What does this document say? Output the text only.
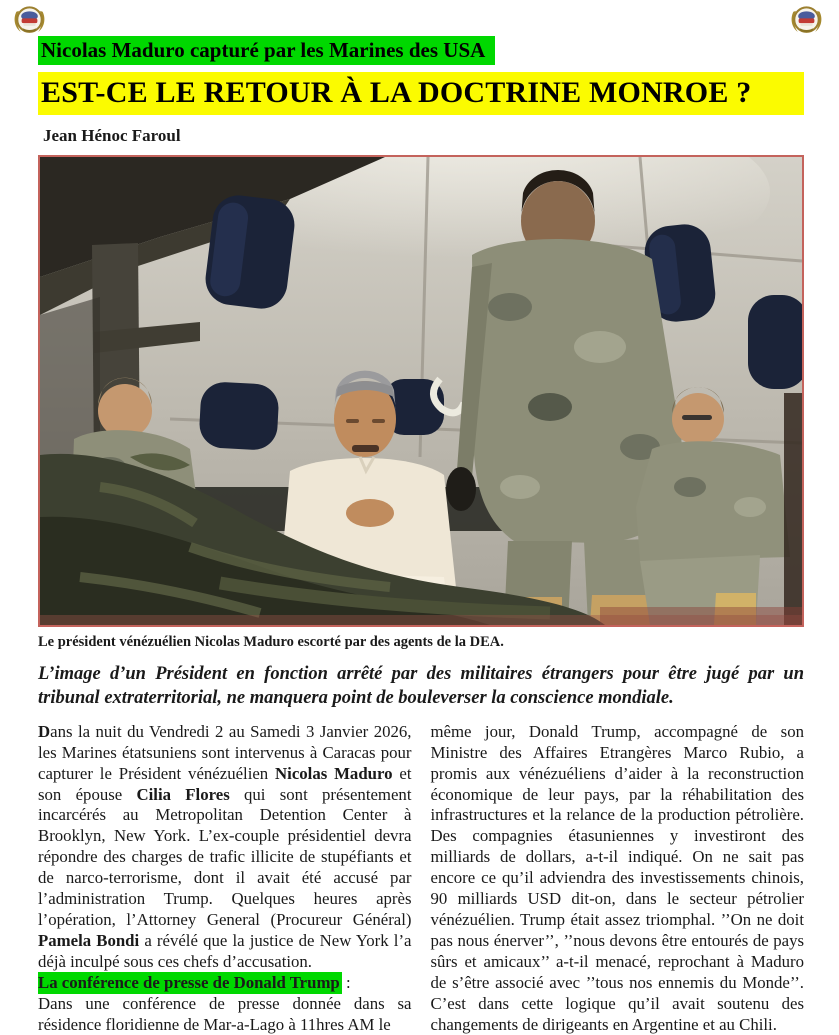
Nicolas Maduro capturé par les Marines des USA
EST-CE LE RETOUR À LA DOCTRINE MONROE ?
Jean Hénoc Faroul
Le président vénézuélien Nicolas Maduro escorté par des agents de la DEA.
L’image d’un Président en fonction arrêté par des militaires étrangers pour être jugé par un tribunal extraterritorial, ne manquera point de bouleverser la conscience mondiale.

Dans la nuit du Vendredi 2 au Samedi 3 Janvier 2026, les Marines étatsuniens sont intervenus à Caracas pour capturer le Président vénézuélien Nicolas Maduro et son épouse Cilia Flores qui sont présentement incarcérés au Metropolitan Detention Center à Brooklyn, New York. L’ex-couple présidentiel devra répondre des charges de trafic illicite de stupéfiants et de narco-terrorisme, dont il avait été accusé par l’administration Trump. Quelques heures après l’opération, l’Attorney General (Procureur Général) Pamela Bondi a révélé que la justice de New York l’a déjà inculpé sous ces chefs d’accusation.

La conférence de presse de Donald Trump :

Dans une conférence de presse donnée dans sa résidence floridienne de Mar-a-Lago à 11hres AM le

même jour, Donald Trump, accompagné de son Ministre des Affaires Etrangères Marco Rubio, a promis aux vénézuéliens d’aider à la reconstruction économique de leur pays, par la réhabilitation des infrastructures et la relance de la production pétrolière. Des compagnies étasuniennes y investiront des milliards de dollars, a-t-il indiqué. On ne sait pas encore ce qu’il adviendra des investissements chinois, 90 milliards USD dit-on, dans le secteur pétrolier vénézuélien. Trump était assez triomphal. ’’On ne doit pas nous énerver’’, ’’nous devons être entourés de pays sûrs et amicaux’’ a-t-il menacé, reprochant à Maduro de s’être associé avec ’’tous nos ennemis du Monde’’. C’est dans cette logique qu’il avait soutenu des changements de dirigeants en Argentine et au Chili.
